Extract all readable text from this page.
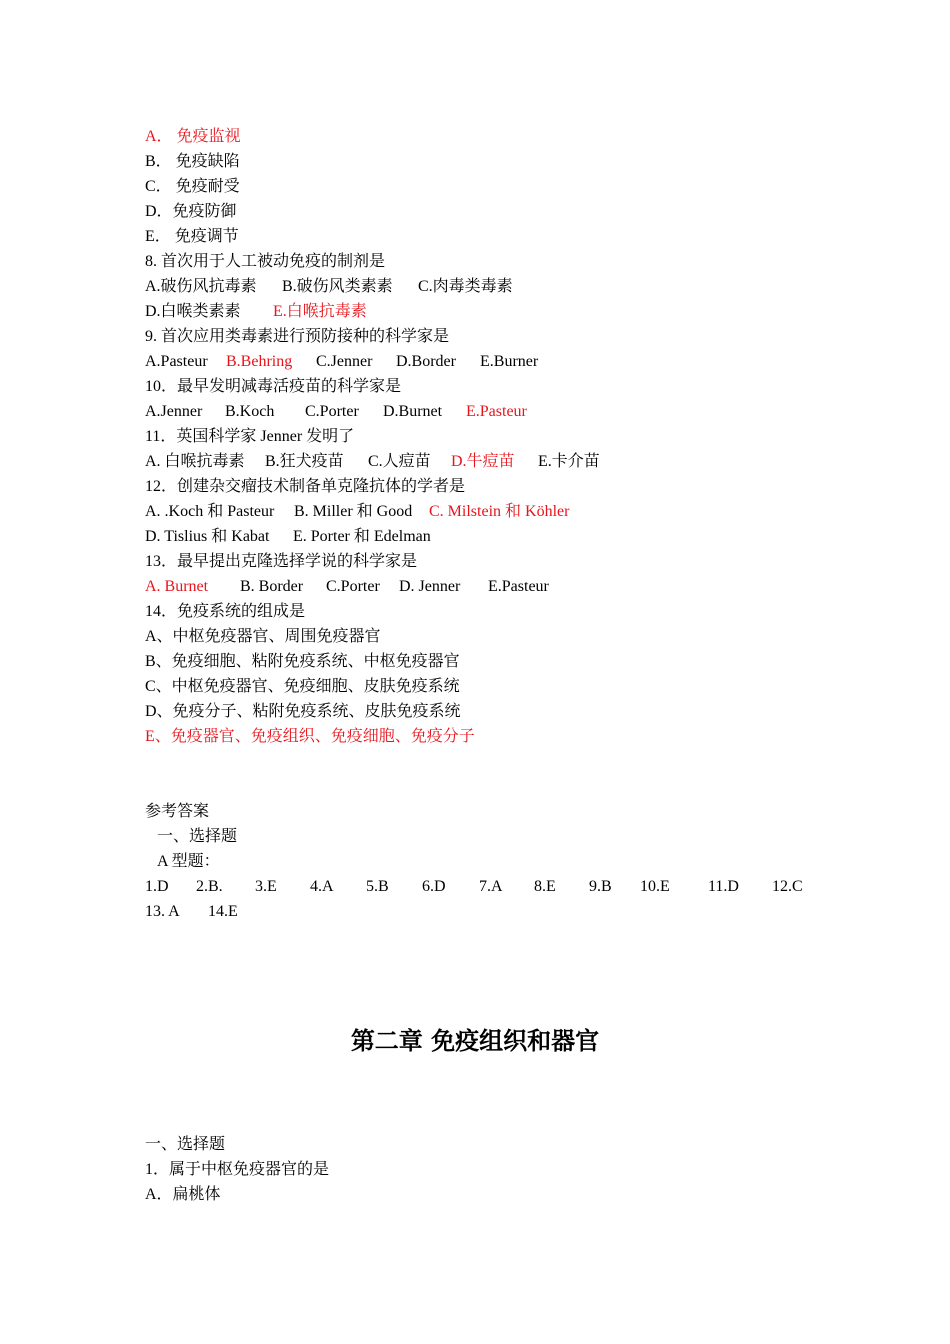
A． 免疫监视
B． 免疫缺陷
C． 免疫耐受
D．免疫防御
E． 免疫调节
8. 首次用于人工被动免疫的制剂是
A.破伤风抗毒素 B.破伤风类素素 C.肉毒类毒素
D.白喉类素素 E.白喉抗毒素
9. 首次应用类毒素进行预防接种的科学家是
A.Pasteur B.Behring C.Jenner D.Border E.Burner
10．最早发明减毒活疫苗的科学家是
A.Jenner B.Koch C.Porter D.Burnet E.Pasteur
11．英国科学家 Jenner 发明了
A. 白喉抗毒素 B.狂犬疫苗 C.人痘苗 D.牛痘苗 E.卡介苗
12．创建杂交瘤技术制备单克隆抗体的学者是
A. .Koch 和 Pasteur B. Miller 和 Good C. Milstein 和 Köhler
D. Tislius 和 Kabat E. Porter 和 Edelman
13．最早提出克隆选择学说的科学家是
A. Burnet B. Border C.Porter D. Jenner E.Pasteur
14．免疫系统的组成是
A、中枢免疫器官、周围免疫器官
B、免疫细胞、粘附免疫系统、中枢免疫器官
C、中枢免疫器官、免疫细胞、皮肤免疫系统
D、免疫分子、粘附免疫系统、皮肤免疫系统
E、免疫器官、免疫组织、免疫细胞、免疫分子
参考答案
一、选择题
A 型题：
1.D 2.B. 3.E 4.A 5.B 6.D 7.A 8.E 9.B 10.E 11.D 12.C
13. A 14.E
第二章 免疫组织和器官
一、选择题
1．属于中枢免疫器官的是
A．扁桃体
